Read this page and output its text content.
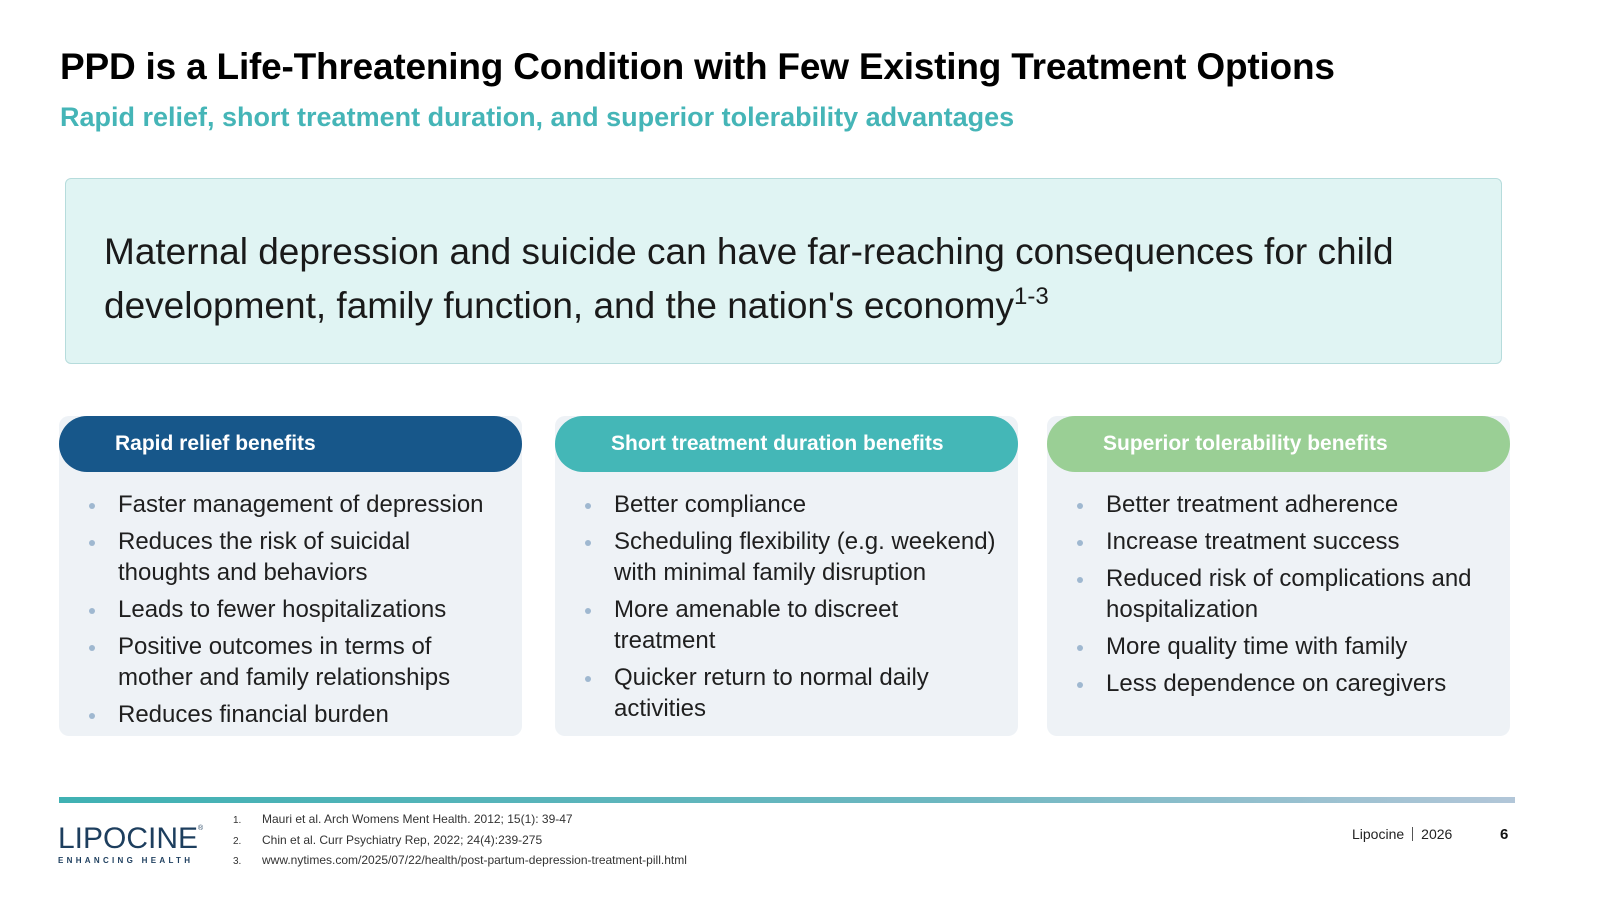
PPD is a Life-Threatening Condition with Few Existing Treatment Options
Rapid relief, short treatment duration, and superior tolerability advantages

Maternal depression and suicide can have far-reaching consequences for child development, family function, and the nation's economy$^{1-3}$

Rapid relief benefits
Faster management of depression
Reduces the risk of suicidal thoughts and behaviors
Leads to fewer hospitalizations
Positive outcomes in terms of mother and family relationships
Reduces financial burden
Short treatment duration benefits
Better compliance
Scheduling flexibility (e.g. weekend) with minimal family disruption
More amenable to discreet treatment
Quicker return to normal daily activities
Superior tolerability benefits
Better treatment adherence
Increase treatment success
Reduced risk of complications and hospitalization
More quality time with family
Less dependence on caregivers
LIPOCINE®
ENHANCING HEALTH
1. Mauri et al. Arch Womens Ment Health. 2012; 15(1): 39-47
2. Chin et al. Curr Psychiatry Rep, 2022; 24(4):239-275
3. www.nytimes.com/2025/07/22/health/post-partum-depression-treatment-pill.html
Lipocine 2026	6
